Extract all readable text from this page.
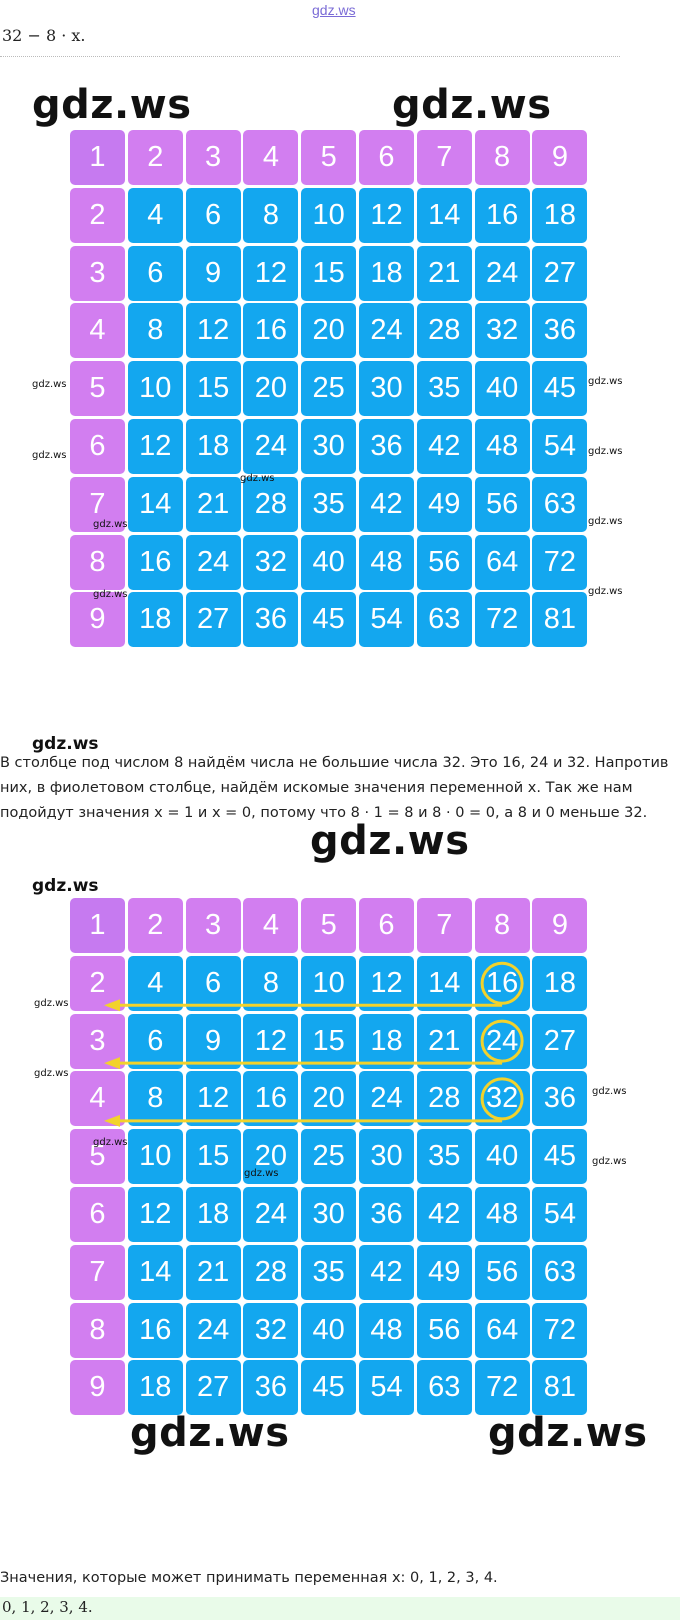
gdz.ws
32 − 8 · x.
gdz.ws	gdz.ws
1	2	3	4	5	6	7	8	9
2	4	6	8	10 12 14 16 18
3	6	9	12 15 18 21 24 27
4	8	12 16 20 24 28 32 36
5	10 15 20 25 30 35 40 45
6	12 18 24 30 36 42 48 54
7	14 21 28 35 42 49 56 63
8	16 24 32 40 48 56 64 72
9	18 27 36 45 54 63 72 81
gdz.ws
gdz.ws
gdz.ws
gdz.ws
gdz.ws
gdz.ws
gdz.ws
gdz.ws
gdz.ws
gdz.ws
В столбце под числом 8 найдём числа не большие числа 32. Это 16, 24 и 32. Напротив
них, в фиолетовом столбце, найдём искомые значения переменной x. Так же нам
подойдут значения x = 1 и x = 0, потому что 8 · 1 = 8 и 8 · 0 = 0, а 8 и 0 меньше 32.
gdz.ws
gdz.ws
1	2	3	4	5	6	7	8	9
2	4	6	8	10 12 14 16 18
3	6	9	12 15 18 21 24 27
4	8	12 16 20 24 28 32 36
5	10 15 20 25 30 35 40 45
6	12 18 24 30 36 42 48 54
7	14 21 28 35 42 49 56 63
8	16 24 32 40 48 56 64 72
9	18 27 36 45 54 63 72 81
gdz.ws
gdz.ws
gdz.ws
gdz.ws
gdz.ws
gdz.ws
gdz.ws	gdz.ws
Значения, которые может принимать переменная x: 0, 1, 2, 3, 4.
0, 1, 2, 3, 4.
